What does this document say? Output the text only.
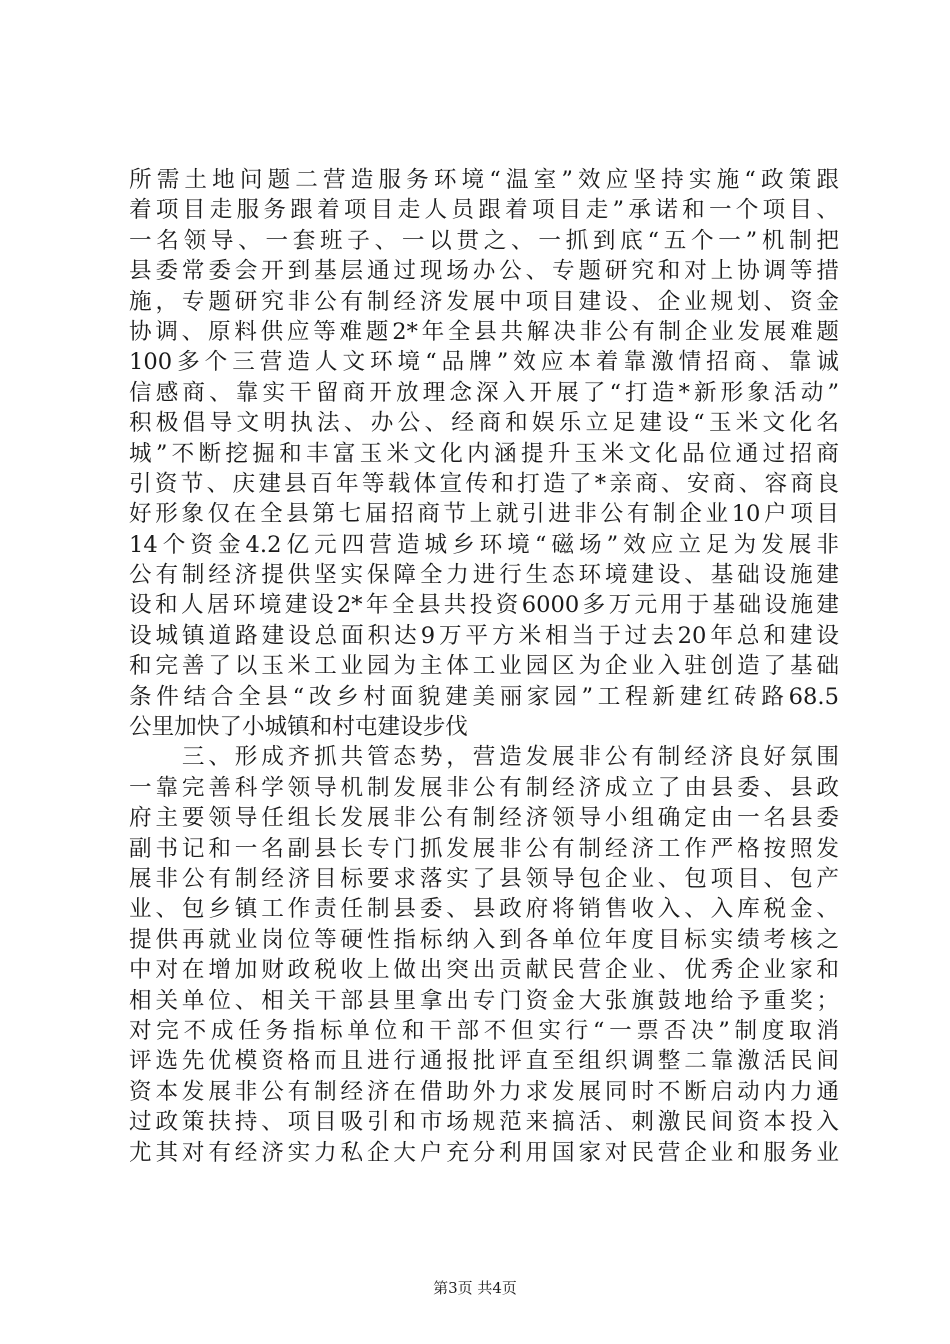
所需土地问题二营造服务环境“温室”效应坚持实施“政策跟
着项目走服务跟着项目走人员跟着项目走”承诺和一个项目、
一名领导、一套班子、一以贯之、一抓到底“五个一”机制把
县委常委会开到基层通过现场办公、专题研究和对上协调等措
施，专题研究非公有制经济发展中项目建设、企业规划、资金
协调、原料供应等难题2*年全县共解决非公有制企业发展难题
100多个三营造人文环境“品牌”效应本着靠激情招商、靠诚
信感商、靠实干留商开放理念深入开展了“打造*新形象活动”
积极倡导文明执法、办公、经商和娱乐立足建设“玉米文化名
城”不断挖掘和丰富玉米文化内涵提升玉米文化品位通过招商
引资节、庆建县百年等载体宣传和打造了*亲商、安商、容商良
好形象仅在全县第七届招商节上就引进非公有制企业10户项目
14个资金4.2亿元四营造城乡环境“磁场”效应立足为发展非
公有制经济提供坚实保障全力进行生态环境建设、基础设施建
设和人居环境建设2*年全县共投资6000多万元用于基础设施建
设城镇道路建设总面积达9万平方米相当于过去20年总和建设
和完善了以玉米工业园为主体工业园区为企业入驻创造了基础
条件结合全县“改乡村面貌建美丽家园”工程新建红砖路68.5
公里加快了小城镇和村屯建设步伐
　　三、形成齐抓共管态势，营造发展非公有制经济良好氛围
一靠完善科学领导机制发展非公有制经济成立了由县委、县政
府主要领导任组长发展非公有制经济领导小组确定由一名县委
副书记和一名副县长专门抓发展非公有制经济工作严格按照发
展非公有制经济目标要求落实了县领导包企业、包项目、包产
业、包乡镇工作责任制县委、县政府将销售收入、入库税金、
提供再就业岗位等硬性指标纳入到各单位年度目标实绩考核之
中对在增加财政税收上做出突出贡献民营企业、优秀企业家和
相关单位、相关干部县里拿出专门资金大张旗鼓地给予重奖；
对完不成任务指标单位和干部不但实行“一票否决”制度取消
评选先优模资格而且进行通报批评直至组织调整二靠激活民间
资本发展非公有制经济在借助外力求发展同时不断启动内力通
过政策扶持、项目吸引和市场规范来搞活、刺激民间资本投入
尤其对有经济实力私企大户充分利用国家对民营企业和服务业
第3页 共4页
